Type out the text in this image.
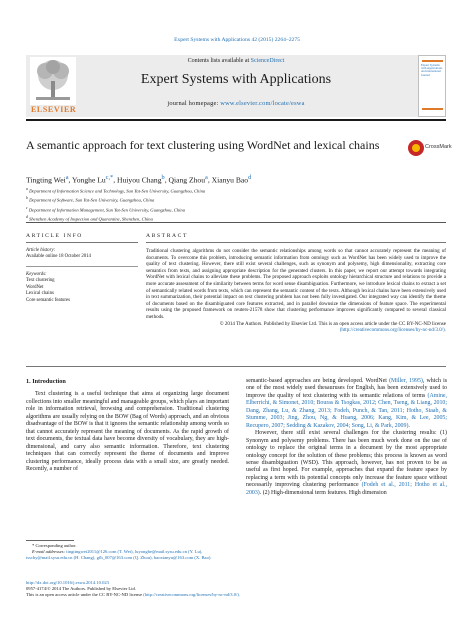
Expert Systems with Applications 42 (2015) 2264–2275
ELSEVIER
Contents lists available at ScienceDirect
Expert Systems with Applications
journal homepage: www.elsevier.com/locate/eswa
Expert Systems with Applications An International Journal
A semantic approach for text clustering using WordNet and lexical chains	CrossMark
Tingting Wei$^a$, Yonghe $Lu^{c,*}$, Huiyou Chang$^b$, Qiang Zhou$^a$, Xianyu Bao$^d$
$^a$ Department of Information Science and Technology, Sun Yat-Sen University, Guangzhou, China
$^b$ Department of Software, Sun Yat-Sen University, Guangzhou, China
$^c$ Department of Information Management, Sun Yat-Sen University, Guangzhou, China
$^d$ Shenzhen Academy of Inspection and Quarantine, Shenzhen, China
ARTICLE INFO
Article history:
Available online 18 October 2014
Keywords:
Text clustering
WordNet
Lexical chains
Core semantic features
ABSTRACT
Traditional clustering algorithms do not consider the semantic relationships among words so that cannot accurately represent the meaning of documents. To overcome this problem, introducing semantic information from ontology such as WordNet has been widely used to improve the quality of text clustering. However, there still exist several challenges, such as synonym and polysemy, high dimensionality, extracting core semantics from texts, and assigning appropriate description for the generated clusters. In this paper, we report our attempt towards integrating WordNet with lexical chains to alleviate these problems. The proposed approach exploits ontology hierarchical structure and relations to provide a more accurate assessment of the similarity between terms for word sense disambiguation. Furthermore, we introduce lexical chains to extract a set of semantically related words from texts, which can represent the semantic content of the texts. Although lexical chains have been extensively used in text summarization, their potential impact on text clustering problem has not been fully investigated. Our integrated way can identify the theme of documents based on the disambiguated core features extracted, and in parallel downsize the dimensions of feature space. The experimental results using the proposed framework on reuters-21578 show that clustering performance improves significantly compared to several classical methods.
© 2014 The Authors. Published by Elsevier Ltd. This is an open access article under the CC BY-NC-ND license (http://creativecommons.org/licenses/by-nc-nd/3.0/).

1. Introduction

Text clustering is a useful technique that aims at organizing large document collections into smaller meaningful and manageable groups, which plays an important role in information retrieval, browsing and comprehension. Traditional clustering algorithms are usually relying on the BOW (Bag of Words) approach, and an obvious disadvantage of the BOW is that it ignores the semantic relationship among words so that cannot accurately represent the meaning of documents. As the rapid growth of text documents, the textual data have become diversity of vocabulary, they are high-dimensional, and carry also semantic information. Therefore, text clustering techniques that can correctly represent the theme of documents and improve clustering performance, ideally process data with a small size, are greatly needed. Recently, a number of

semantic-based approaches are being developed. WordNet (Miller, 1995), which is one of the most widely used thesauruses for English, has been extensively used to improve the quality of text clustering with its semantic relations of terms (Amine, Elberrichi, & Simonet, 2010; Bouras & Tsogkas, 2012; Chen, Tseng, & Liang, 2010; Dang, Zhang, Lu, & Zhang, 2013; Fodeh, Punch, & Tan, 2011; Hotho, Staab, & Stumme, 2003; Jing, Zhou, Ng, & Huang, 2006; Kang, Kim, & Lee, 2005; Recupero, 2007; Sedding & Kazakov, 2004; Song, Li, & Park, 2009).

However, there still exist several challenges for the clustering results: (1) Synonym and polysemy problems. There has been much work done on the use of ontology to replace the original terms in a document by the most appropriate ontology concept for the solution of these problems; this process is known as word sense disambiguation (WSD). This approach, however, has not proven to be as useful as first hoped. For example, approaches that expand the feature space by replacing a term with its potential concepts only increase the feature space without necessarily improving clustering performance (Fodeh et al., 2011; Hotho et al., 2003). (2) High-dimensional term features. High dimension

* Corresponding author.
E-mail addresses: tingtingwei2011@126.com (T. Wei), luyonghe@mail.sysu.edu.cn (Y. Lu), isschy@mail.sysu.edu.cn (H. Chang), gfh_007@163.com (Q. Zhou), baoxianyu@163.com (X. Bao).
http://dx.doi.org/10.1016/j.eswa.2014.10.023
0957-4174/© 2014 The Authors. Published by Elsevier Ltd.
This is an open access article under the CC BY-NC-ND license (http://creativecommons.org/licenses/by-nc-nd/3.0/).
